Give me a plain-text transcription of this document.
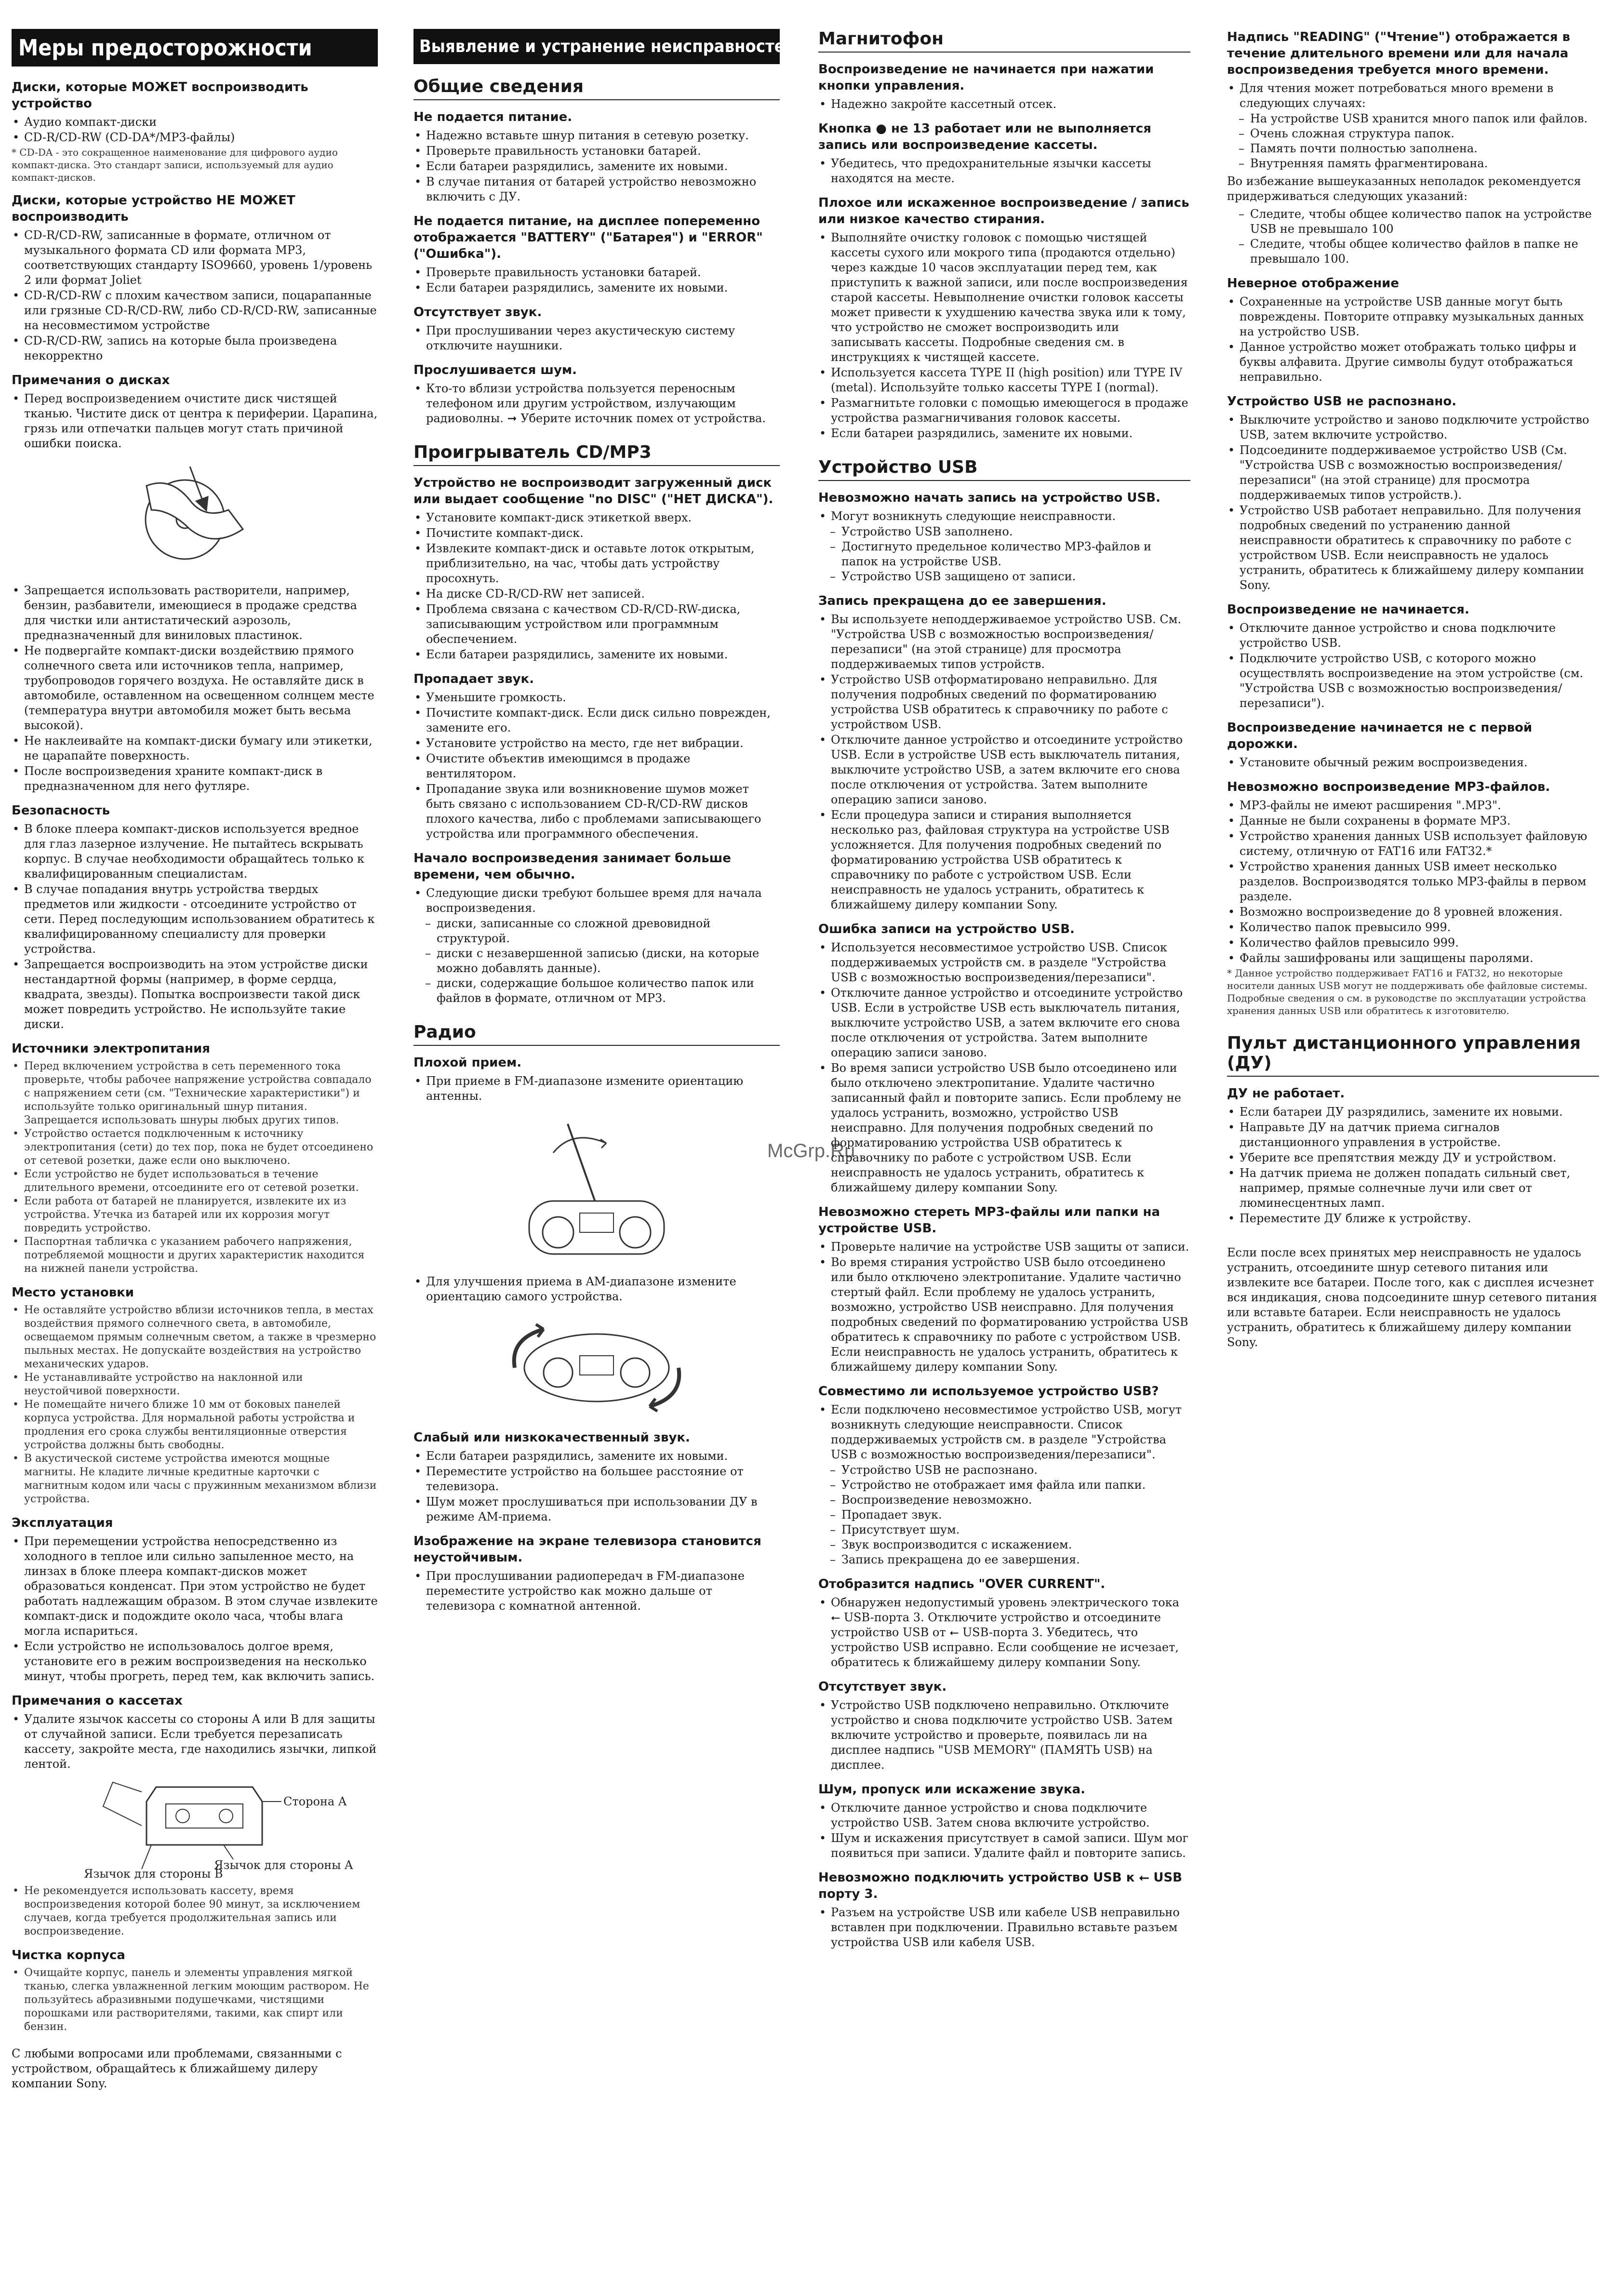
McGrp.Ru
Меры предосторожности
Диски, которые МОЖЕТ воспроизводить устройство
• Аудио компакт-диски
• CD-R/CD-RW (CD-DA*/MP3-файлы)
* CD-DA - это сокращенное наименование для цифрового аудио компакт-диска. Это стандарт записи, используемый для аудио компакт-дисков.
Диски, которые устройство НЕ МОЖЕТ воспроизводить
• CD-R/CD-RW, записанные в формате, отличном от музыкального формата CD или формата MP3, соответствующих стандарту ISO9660, уровень 1/уровень 2 или формат Joliet
• CD-R/CD-RW с плохим качеством записи, поцарапанные или грязные CD-R/CD-RW, либо CD-R/CD-RW, записанные на несовместимом устройстве
• CD-R/CD-RW, запись на которые была произведена некорректно
Примечания о дисках
• Перед воспроизведением очистите диск чистящей тканью. Чистите диск от центра к периферии. Царапина, грязь или отпечатки пальцев могут стать причиной ошибки поиска.
• Запрещается использовать растворители, например, бензин, разбавители, имеющиеся в продаже средства для чистки или антистатический аэрозоль, предназначенный для виниловых пластинок.
• Не подвергайте компакт-диски воздействию прямого солнечного света или источников тепла, например, трубопроводов горячего воздуха. Не оставляйте диск в автомобиле, оставленном на освещенном солнцем месте (температура внутри автомобиля может быть весьма высокой).
• Не наклеивайте на компакт-диски бумагу или этикетки, не царапайте поверхность.
• После воспроизведения храните компакт-диск в предназначенном для него футляре.
Безопасность
• В блоке плеера компакт-дисков используется вредное для глаз лазерное излучение. Не пытайтесь вскрывать корпус. В случае необходимости обращайтесь только к квалифицированным специалистам.
• В случае попадания внутрь устройства твердых предметов или жидкости - отсоедините устройство от сети. Перед последующим использованием обратитесь к квалифицированному специалисту для проверки устройства.
• Запрещается воспроизводить на этом устройстве диски нестандартной формы (например, в форме сердца, квадрата, звезды). Попытка воспроизвести такой диск может повредить устройство. Не используйте такие диски.
Источники электропитания
• Перед включением устройства в сеть переменного тока проверьте, чтобы рабочее напряжение устройства совпадало с напряжением сети (см. "Технические характеристики") и используйте только оригинальный шнур питания. Запрещается использовать шнуры любых других типов.
• Устройство остается подключенным к источнику электропитания (сети) до тех пор, пока не будет отсоединено от сетевой розетки, даже если оно выключено.
• Если устройство не будет использоваться в течение длительного времени, отсоедините его от сетевой розетки.
• Если работа от батарей не планируется, извлеките их из устройства. Утечка из батарей или их коррозия могут повредить устройство.
• Паспортная табличка с указанием рабочего напряжения, потребляемой мощности и других характеристик находится на нижней панели устройства.
Место установки
• Не оставляйте устройство вблизи источников тепла, в местах воздействия прямого солнечного света, в автомобиле, освещаемом прямым солнечным светом, а также в чрезмерно пыльных местах. Не допускайте воздействия на устройство механических ударов.
• Не устанавливайте устройство на наклонной или неустойчивой поверхности.
• Не помещайте ничего ближе 10 мм от боковых панелей корпуса устройства. Для нормальной работы устройства и продления его срока службы вентиляционные отверстия устройства должны быть свободны.
• В акустической системе устройства имеются мощные магниты. Не кладите личные кредитные карточки с магнитным кодом или часы с пружинным механизмом вблизи устройства.
Эксплуатация
• При перемещении устройства непосредственно из холодного в теплое или сильно запыленное место, на линзах в блоке плеера компакт-дисков может образоваться конденсат. При этом устройство не будет работать надлежащим образом. В этом случае извлеките компакт-диск и подождите около часа, чтобы влага могла испариться.
• Если устройство не использовалось долгое время, установите его в режим воспроизведения на несколько минут, чтобы прогреть, перед тем, как включить запись.
Примечания о кассетах
• Удалите язычок кассеты со стороны A или B для защиты от случайной записи. Если требуется перезаписать кассету, закройте места, где находились язычки, липкой лентой.
Сторона A
Язычок для стороны A
Язычок для стороны B
• Не рекомендуется использовать кассету, время воспроизведения которой более 90 минут, за исключением случаев, когда требуется продолжительная запись или воспроизведение.
Чистка корпуса
• Очищайте корпус, панель и элементы управления мягкой тканью, слегка увлажненной легким моющим раствором. Не пользуйтесь абразивными подушечками, чистящими порошками или растворителями, такими, как спирт или бензин.
С любыми вопросами или проблемами, связанными с устройством, обращайтесь к ближайшему дилеру компании Sony.
Выявление и устранение неисправностей
Общие сведения
Не подается питание.
• Надежно вставьте шнур питания в сетевую розетку.
• Проверьте правильность установки батарей.
• Если батареи разрядились, замените их новыми.
• В случае питания от батарей устройство невозможно включить с ДУ.
Не подается питание, на дисплее попеременно отображается "BATTERY" ("Батарея") и "ERROR" ("Ошибка").
• Проверьте правильность установки батарей.
• Если батареи разрядились, замените их новыми.
Отсутствует звук.
• При прослушивании через акустическую систему отключите наушники.
Прослушивается шум.
• Кто-то вблизи устройства пользуется переносным телефоном или другим устройством, излучающим радиоволны. ➞ Уберите источник помех от устройства.
Проигрыватель CD/MP3
Устройство не воспроизводит загруженный диск или выдает сообщение "no DISC" ("НЕТ ДИСКА").
• Установите компакт-диск этикеткой вверх.
• Почистите компакт-диск.
• Извлеките компакт-диск и оставьте лоток открытым, приблизительно, на час, чтобы дать устройству просохнуть.
• На диске CD-R/CD-RW нет записей.
• Проблема связана с качеством CD-R/CD-RW-диска, записывающим устройством или программным обеспечением.
• Если батареи разрядились, замените их новыми.
Пропадает звук.
• Уменьшите громкость.
• Почистите компакт-диск. Если диск сильно поврежден, замените его.
• Установите устройство на место, где нет вибрации.
• Очистите объектив имеющимся в продаже вентилятором.
• Пропадание звука или возникновение шумов может быть связано с использованием CD-R/CD-RW дисков плохого качества, либо с проблемами записывающего устройства или программного обеспечения.
Начало воспроизведения занимает больше времени, чем обычно.
• Следующие диски требуют большее время для начала воспроизведения.
– диски, записанные со сложной древовидной структурой.
– диски с незавершенной записью (диски, на которые можно добавлять данные).
– диски, содержащие большое количество папок или файлов в формате, отличном от MP3.
Радио
Плохой прием.
• При приеме в FM-диапазоне измените ориентацию антенны.
• Для улучшения приема в AM-диапазоне измените ориентацию самого устройства.
Слабый или низкокачественный звук.
• Если батареи разрядились, замените их новыми.
• Переместите устройство на большее расстояние от телевизора.
• Шум может прослушиваться при использовании ДУ в режиме AM-приема.
Изображение на экране телевизора становится неустойчивым.
• При прослушивании радиопередач в FM-диапазоне переместите устройство как можно дальше от телевизора с комнатной антенной.
Магнитофон
Воспроизведение не начинается при нажатии кнопки управления.
• Надежно закройте кассетный отсек.
Кнопка ● не 13 работает или не выполняется запись или воспроизведение кассеты.
• Убедитесь, что предохранительные язычки кассеты находятся на месте.
Плохое или искаженное воспроизведение / запись или низкое качество стирания.
• Выполняйте очистку головок с помощью чистящей кассеты сухого или мокрого типа (продаются отдельно) через каждые 10 часов эксплуатации перед тем, как приступить к важной записи, или после воспроизведения старой кассеты. Невыполнение очистки головок кассеты может привести к ухудшению качества звука или к тому, что устройство не сможет воспроизводить или записывать кассеты. Подробные сведения см. в инструкциях к чистящей кассете.
• Используется кассета TYPE II (high position) или TYPE IV (metal). Используйте только кассеты TYPE I (normal).
• Размагнитьте головки с помощью имеющегося в продаже устройства размагничивания головок кассеты.
• Если батареи разрядились, замените их новыми.
Устройство USB
Невозможно начать запись на устройство USB.
• Могут возникнуть следующие неисправности.
– Устройство USB заполнено.
– Достигнуто предельное количество MP3-файлов и папок на устройстве USB.
– Устройство USB защищено от записи.
Запись прекращена до ее завершения.
• Вы используете неподдерживаемое устройство USB. См. "Устройства USB с возможностью воспроизведения/перезаписи" (на этой странице) для просмотра поддерживаемых типов устройств.
• Устройство USB отформатировано неправильно. Для получения подробных сведений по форматированию устройства USB обратитесь к справочнику по работе с устройством USB.
• Отключите данное устройство и отсоедините устройство USB. Если в устройстве USB есть выключатель питания, выключите устройство USB, а затем включите его снова после отключения от устройства. Затем выполните операцию записи заново.
• Если процедура записи и стирания выполняется несколько раз, файловая структура на устройстве USB усложняется. Для получения подробных сведений по форматированию устройства USB обратитесь к справочнику по работе с устройством USB. Если неисправность не удалось устранить, обратитесь к ближайшему дилеру компании Sony.
Ошибка записи на устройство USB.
• Используется несовместимое устройство USB. Список поддерживаемых устройств см. в разделе "Устройства USB с возможностью воспроизведения/перезаписи".
• Отключите данное устройство и отсоедините устройство USB. Если в устройстве USB есть выключатель питания, выключите устройство USB, а затем включите его снова после отключения от устройства. Затем выполните операцию записи заново.
• Во время записи устройство USB было отсоединено или было отключено электропитание. Удалите частично записанный файл и повторите запись. Если проблему не удалось устранить, возможно, устройство USB неисправно. Для получения подробных сведений по форматированию устройства USB обратитесь к справочнику по работе с устройством USB. Если неисправность не удалось устранить, обратитесь к ближайшему дилеру компании Sony.
Невозможно стереть MP3-файлы или папки на устройстве USB.
• Проверьте наличие на устройстве USB защиты от записи.
• Во время стирания устройство USB было отсоединено или было отключено электропитание. Удалите частично стертый файл. Если проблему не удалось устранить, возможно, устройство USB неисправно. Для получения подробных сведений по форматированию устройства USB обратитесь к справочнику по работе с устройством USB. Если неисправность не удалось устранить, обратитесь к ближайшему дилеру компании Sony.
Совместимо ли используемое устройство USB?
• Если подключено несовместимое устройство USB, могут возникнуть следующие неисправности. Список поддерживаемых устройств см. в разделе "Устройства USB с возможностью воспроизведения/перезаписи".
– Устройство USB не распознано.
– Устройство не отображает имя файла или папки.
– Воспроизведение невозможно.
– Пропадает звук.
– Присутствует шум.
– Звук воспроизводится с искажением.
– Запись прекращена до ее завершения.
Отобразится надпись "OVER CURRENT".
• Обнаружен недопустимый уровень электрического тока ⭠ USB-порта 3. Отключите устройство и отсоедините устройство USB от ⭠ USB-порта 3. Убедитесь, что устройство USB исправно. Если сообщение не исчезает, обратитесь к ближайшему дилеру компании Sony.
Отсутствует звук.
• Устройство USB подключено неправильно. Отключите устройство и снова подключите устройство USB. Затем включите устройство и проверьте, появилась ли на дисплее надпись "USB MEMORY" (ПАМЯТЬ USB) на дисплее.
Шум, пропуск или искажение звука.
• Отключите данное устройство и снова подключите устройство USB. Затем снова включите устройство.
• Шум и искажения присутствует в самой записи. Шум мог появиться при записи. Удалите файл и повторите запись.
Невозможно подключить устройство USB к ⭠ USB порту 3.
• Разъем на устройстве USB или кабеле USB неправильно вставлен при подключении. Правильно вставьте разъем устройства USB или кабеля USB.
Надпись "READING" ("Чтение") отображается в течение длительного времени или для начала воспроизведения требуется много времени.
• Для чтения может потребоваться много времени в следующих случаях:
– На устройстве USB хранится много папок или файлов.
– Очень сложная структура папок.
– Память почти полностью заполнена.
– Внутренняя память фрагментирована.
Во избежание вышеуказанных неполадок рекомендуется придерживаться следующих указаний:
– Следите, чтобы общее количество папок на устройстве USB не превышало 100
– Следите, чтобы общее количество файлов в папке не превышало 100.
Неверное отображение
• Сохраненные на устройстве USB данные могут быть повреждены. Повторите отправку музыкальных данных на устройство USB.
• Данное устройство может отображать только цифры и буквы алфавита. Другие символы будут отображаться неправильно.
Устройство USB не распознано.
• Выключите устройство и заново подключите устройство USB, затем включите устройство.
• Подсоедините поддерживаемое устройство USB (См. "Устройства USB с возможностью воспроизведения/перезаписи" (на этой странице) для просмотра поддерживаемых типов устройств.).
• Устройство USB работает неправильно. Для получения подробных сведений по устранению данной неисправности обратитесь к справочнику по работе с устройством USB. Если неисправность не удалось устранить, обратитесь к ближайшему дилеру компании Sony.
Воспроизведение не начинается.
• Отключите данное устройство и снова подключите устройство USB.
• Подключите устройство USB, с которого можно осуществлять воспроизведение на этом устройстве (см. "Устройства USB с возможностью воспроизведения/перезаписи").
Воспроизведение начинается не с первой дорожки.
• Установите обычный режим воспроизведения.
Невозможно воспроизведение MP3-файлов.
• MP3-файлы не имеют расширения ".MP3".
• Данные не были сохранены в формате MP3.
• Устройство хранения данных USB использует файловую систему, отличную от FAT16 или FAT32.*
• Устройство хранения данных USB имеет несколько разделов. Воспроизводятся только MP3-файлы в первом разделе.
• Возможно воспроизведение до 8 уровней вложения.
• Количество папок превысило 999.
• Количество файлов превысило 999.
• Файлы зашифрованы или защищены паролями.
* Данное устройство поддерживает FAT16 и FAT32, но некоторые носители данных USB могут не поддерживать обе файловые системы. Подробные сведения о см. в руководстве по эксплуатации устройства хранения данных USB или обратитесь к изготовителю.
Пульт дистанционного управления (ДУ)
ДУ не работает.
• Если батареи ДУ разрядились, замените их новыми.
• Направьте ДУ на датчик приема сигналов дистанционного управления в устройстве.
• Уберите все препятствия между ДУ и устройством.
• На датчик приема не должен попадать сильный свет, например, прямые солнечные лучи или свет от люминесцентных ламп.
• Переместите ДУ ближе к устройству.
Если после всех принятых мер неисправность не удалось устранить, отсоедините шнур сетевого питания или извлеките все батареи. После того, как с дисплея исчезнет вся индикация, снова подсоедините шнур сетевого питания или вставьте батареи. Если неисправность не удалось устранить, обратитесь к ближайшему дилеру компании Sony.
